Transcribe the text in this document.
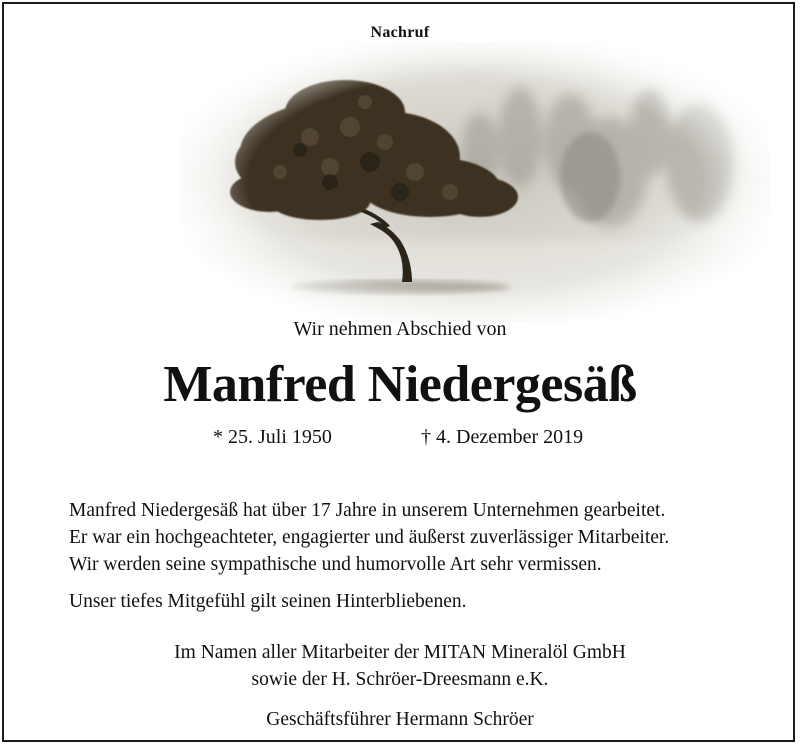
Nachruf
Wir nehmen Abschied von
Manfred Niedergesäß
* 25. Juli 1950	† 4. Dezember 2019
Manfred Niedergesäß hat über 17 Jahre in unserem Unternehmen gearbeitet.
Er war ein hochgeachteter, engagierter und äußerst zuverlässiger Mitarbeiter.
Wir werden seine sympathische und humorvolle Art sehr vermissen.
Unser tiefes Mitgefühl gilt seinen Hinterbliebenen.
Im Namen aller Mitarbeiter der MITAN Mineralöl GmbH
sowie der H. Schröer-Dreesmann e.K.
Geschäftsführer Hermann Schröer
